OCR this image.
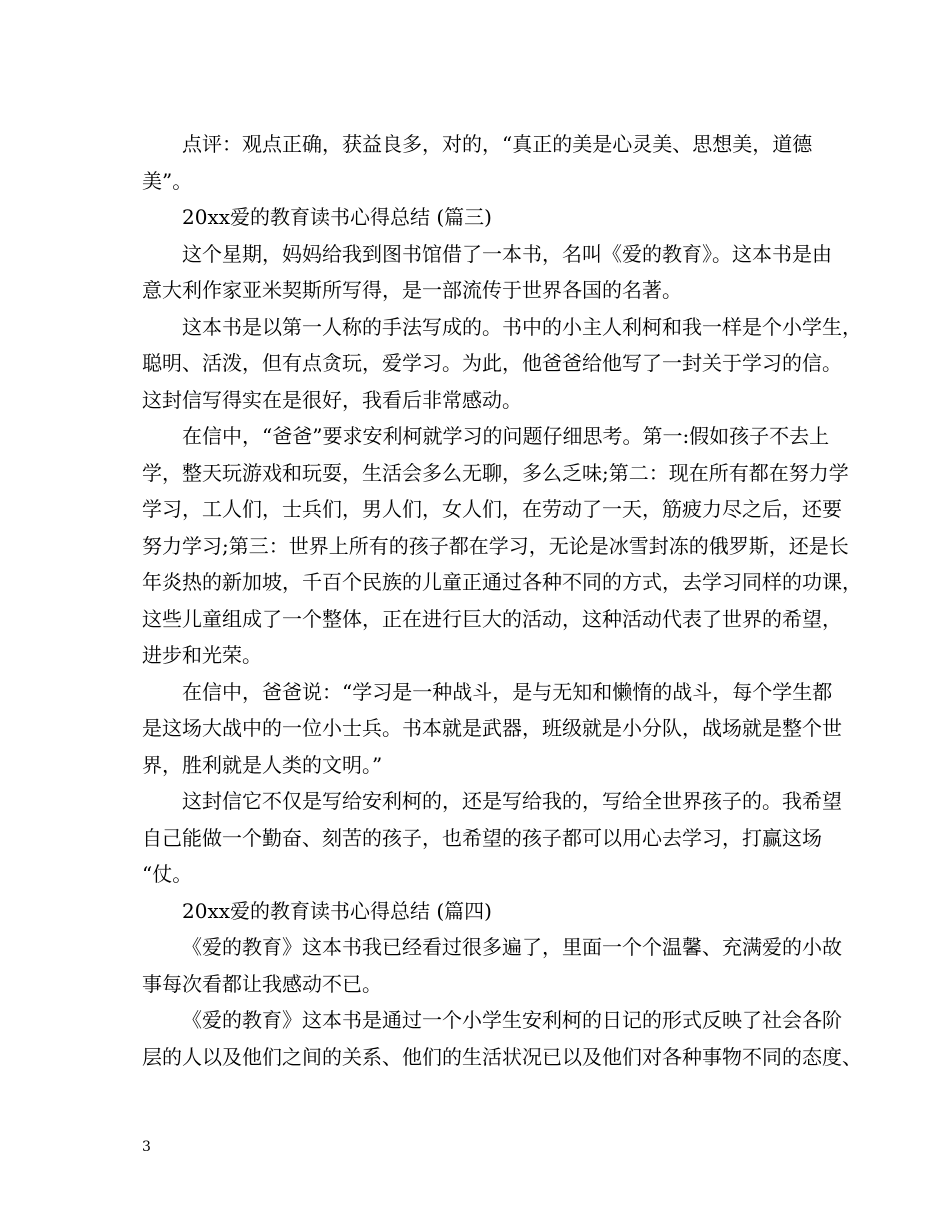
点评：观点正确，获益良多，对的，“真正的美是心灵美、思想美，道德
美”。
20xx爱的教育读书心得总结 (篇三)
这个星期，妈妈给我到图书馆借了一本书，名叫《爱的教育》。这本书是由
意大利作家亚米契斯所写得，是一部流传于世界各国的名著。
这本书是以第一人称的手法写成的。书中的小主人利柯和我一样是个小学生，
聪明、活泼，但有点贪玩，爱学习。为此，他爸爸给他写了一封关于学习的信。
这封信写得实在是很好，我看后非常感动。
在信中，“爸爸”要求安利柯就学习的问题仔细思考。第一:假如孩子不去上
学，整天玩游戏和玩耍，生活会多么无聊，多么乏味;第二：现在所有都在努力学
学习，工人们，士兵们，男人们，女人们，在劳动了一天，筋疲力尽之后，还要
努力学习;第三：世界上所有的孩子都在学习，无论是冰雪封冻的俄罗斯，还是长
年炎热的新加坡，千百个民族的儿童正通过各种不同的方式，去学习同样的功课，
这些儿童组成了一个整体，正在进行巨大的活动，这种活动代表了世界的希望，
进步和光荣。
在信中，爸爸说：“学习是一种战斗，是与无知和懒惰的战斗，每个学生都
是这场大战中的一位小士兵。书本就是武器，班级就是小分队，战场就是整个世
界，胜利就是人类的文明。”
这封信它不仅是写给安利柯的，还是写给我的，写给全世界孩子的。我希望
自己能做一个勤奋、刻苦的孩子，也希望的孩子都可以用心去学习，打赢这场
“仗。
20xx爱的教育读书心得总结 (篇四)
《爱的教育》这本书我已经看过很多遍了，里面一个个温馨、充满爱的小故
事每次看都让我感动不已。
《爱的教育》这本书是通过一个小学生安利柯的日记的形式反映了社会各阶
层的人以及他们之间的关系、他们的生活状况已以及他们对各种事物不同的态度、
3
